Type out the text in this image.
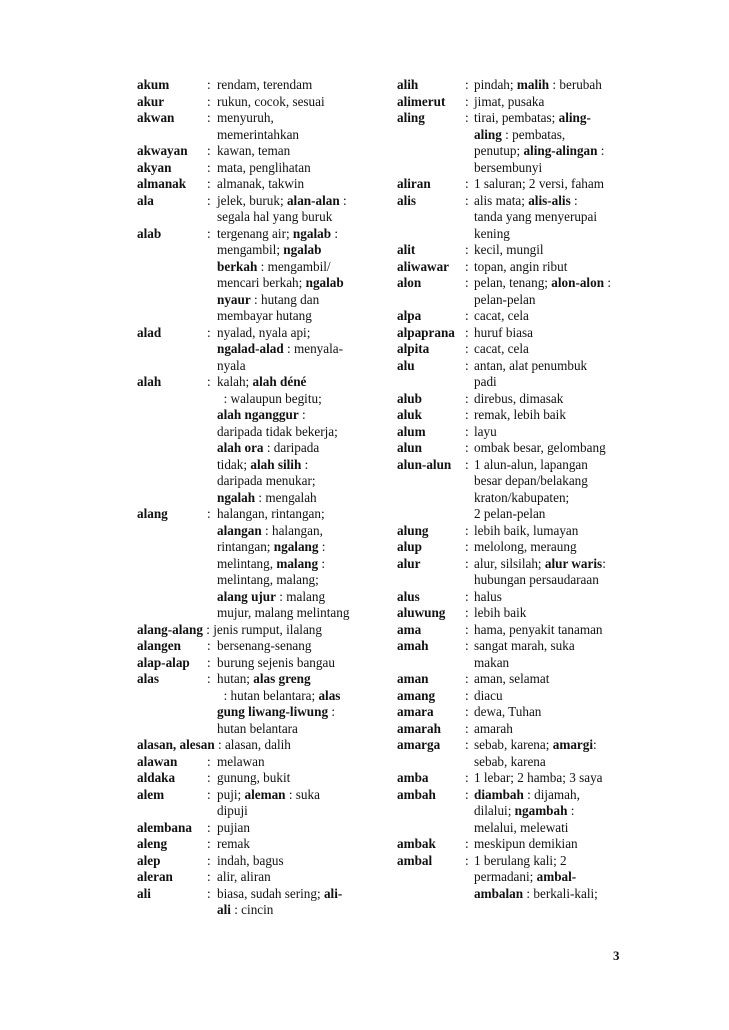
akum	: rendam, terendam
akur	: rukun, cocok, sesuai
akwan : menyuruh,
memerintahkan
akwayan : kawan, teman
akyan	: mata, penglihatan
almanak : almanak, takwin
ala	: jelek, buruk; alan-alan :
segala hal yang buruk
alab	: tergenang air; ngalab :
mengambil; ngalab
berkah : mengambil/
mencari berkah; ngalab
nyaur : hutang dan
membayar hutang
alad	: nyalad, nyala api;
ngalad-alad : menyala-
nyala
alah	: kalah; alah déné
: walaupun begitu;
alah nganggur :
daripada tidak bekerja;
alah ora : daripada
tidak; alah silih :
daripada menukar;
ngalah : mengalah
alang	: halangan, rintangan;
alangan : halangan,
rintangan; ngalang :
melintang, malang :
melintang, malang;
alang ujur : malang
mujur, malang melintang
alang-alang : jenis rumput, ilalang
alangen : bersenang-senang
alap-alap : burung sejenis bangau
alas	: hutan; alas greng
: hutan belantara; alas
gung liwang-liwung :
hutan belantara
alasan, alesan : alasan, dalih
alawan : melawan
aldaka : gunung, bukit
alem	: puji; aleman : suka
dipuji
alembana : pujian
aleng	: remak
alep	: indah, bagus
aleran	: alir, aliran
ali	: biasa, sudah sering; ali-
ali : cincin
alih	: pindah; malih : berubah
alimerut : jimat, pusaka
aling	: tirai, pembatas; aling-
aling : pembatas,
penutup; aling-alingan :
bersembunyi
aliran	: 1 saluran; 2 versi, faham
alis	: alis mata; alis-alis :
tanda yang menyerupai
kening
alit	: kecil, mungil
aliwawar : topan, angin ribut
alon	: pelan, tenang; alon-alon :
pelan-pelan
alpa	: cacat, cela
alpaprana : huruf biasa
alpita	: cacat, cela
alu	: antan, alat penumbuk
padi
alub	: direbus, dimasak
aluk	: remak, lebih baik
alum	: layu
alun	: ombak besar, gelombang
alun-alun : 1 alun-alun, lapangan
besar depan/belakang
kraton/kabupaten;
2 pelan-pelan
alung	: lebih baik, lumayan
alup	: melolong, meraung
alur	: alur, silsilah; alur waris:
hubungan persaudaraan
alus	: halus
aluwung : lebih baik
ama	: hama, penyakit tanaman
amah	: sangat marah, suka
makan
aman	: aman, selamat
amang : diacu
amara : dewa, Tuhan
amarah : amarah
amarga : sebab, karena; amargi:
sebab, karena
amba	: 1 lebar; 2 hamba; 3 saya
ambah : diambah : dijamah,
dilalui; ngambah :
melalui, melewati
ambak : meskipun demikian
ambal : 1 berulang kali; 2
permadani; ambal-
ambalan : berkali-kali;
3
